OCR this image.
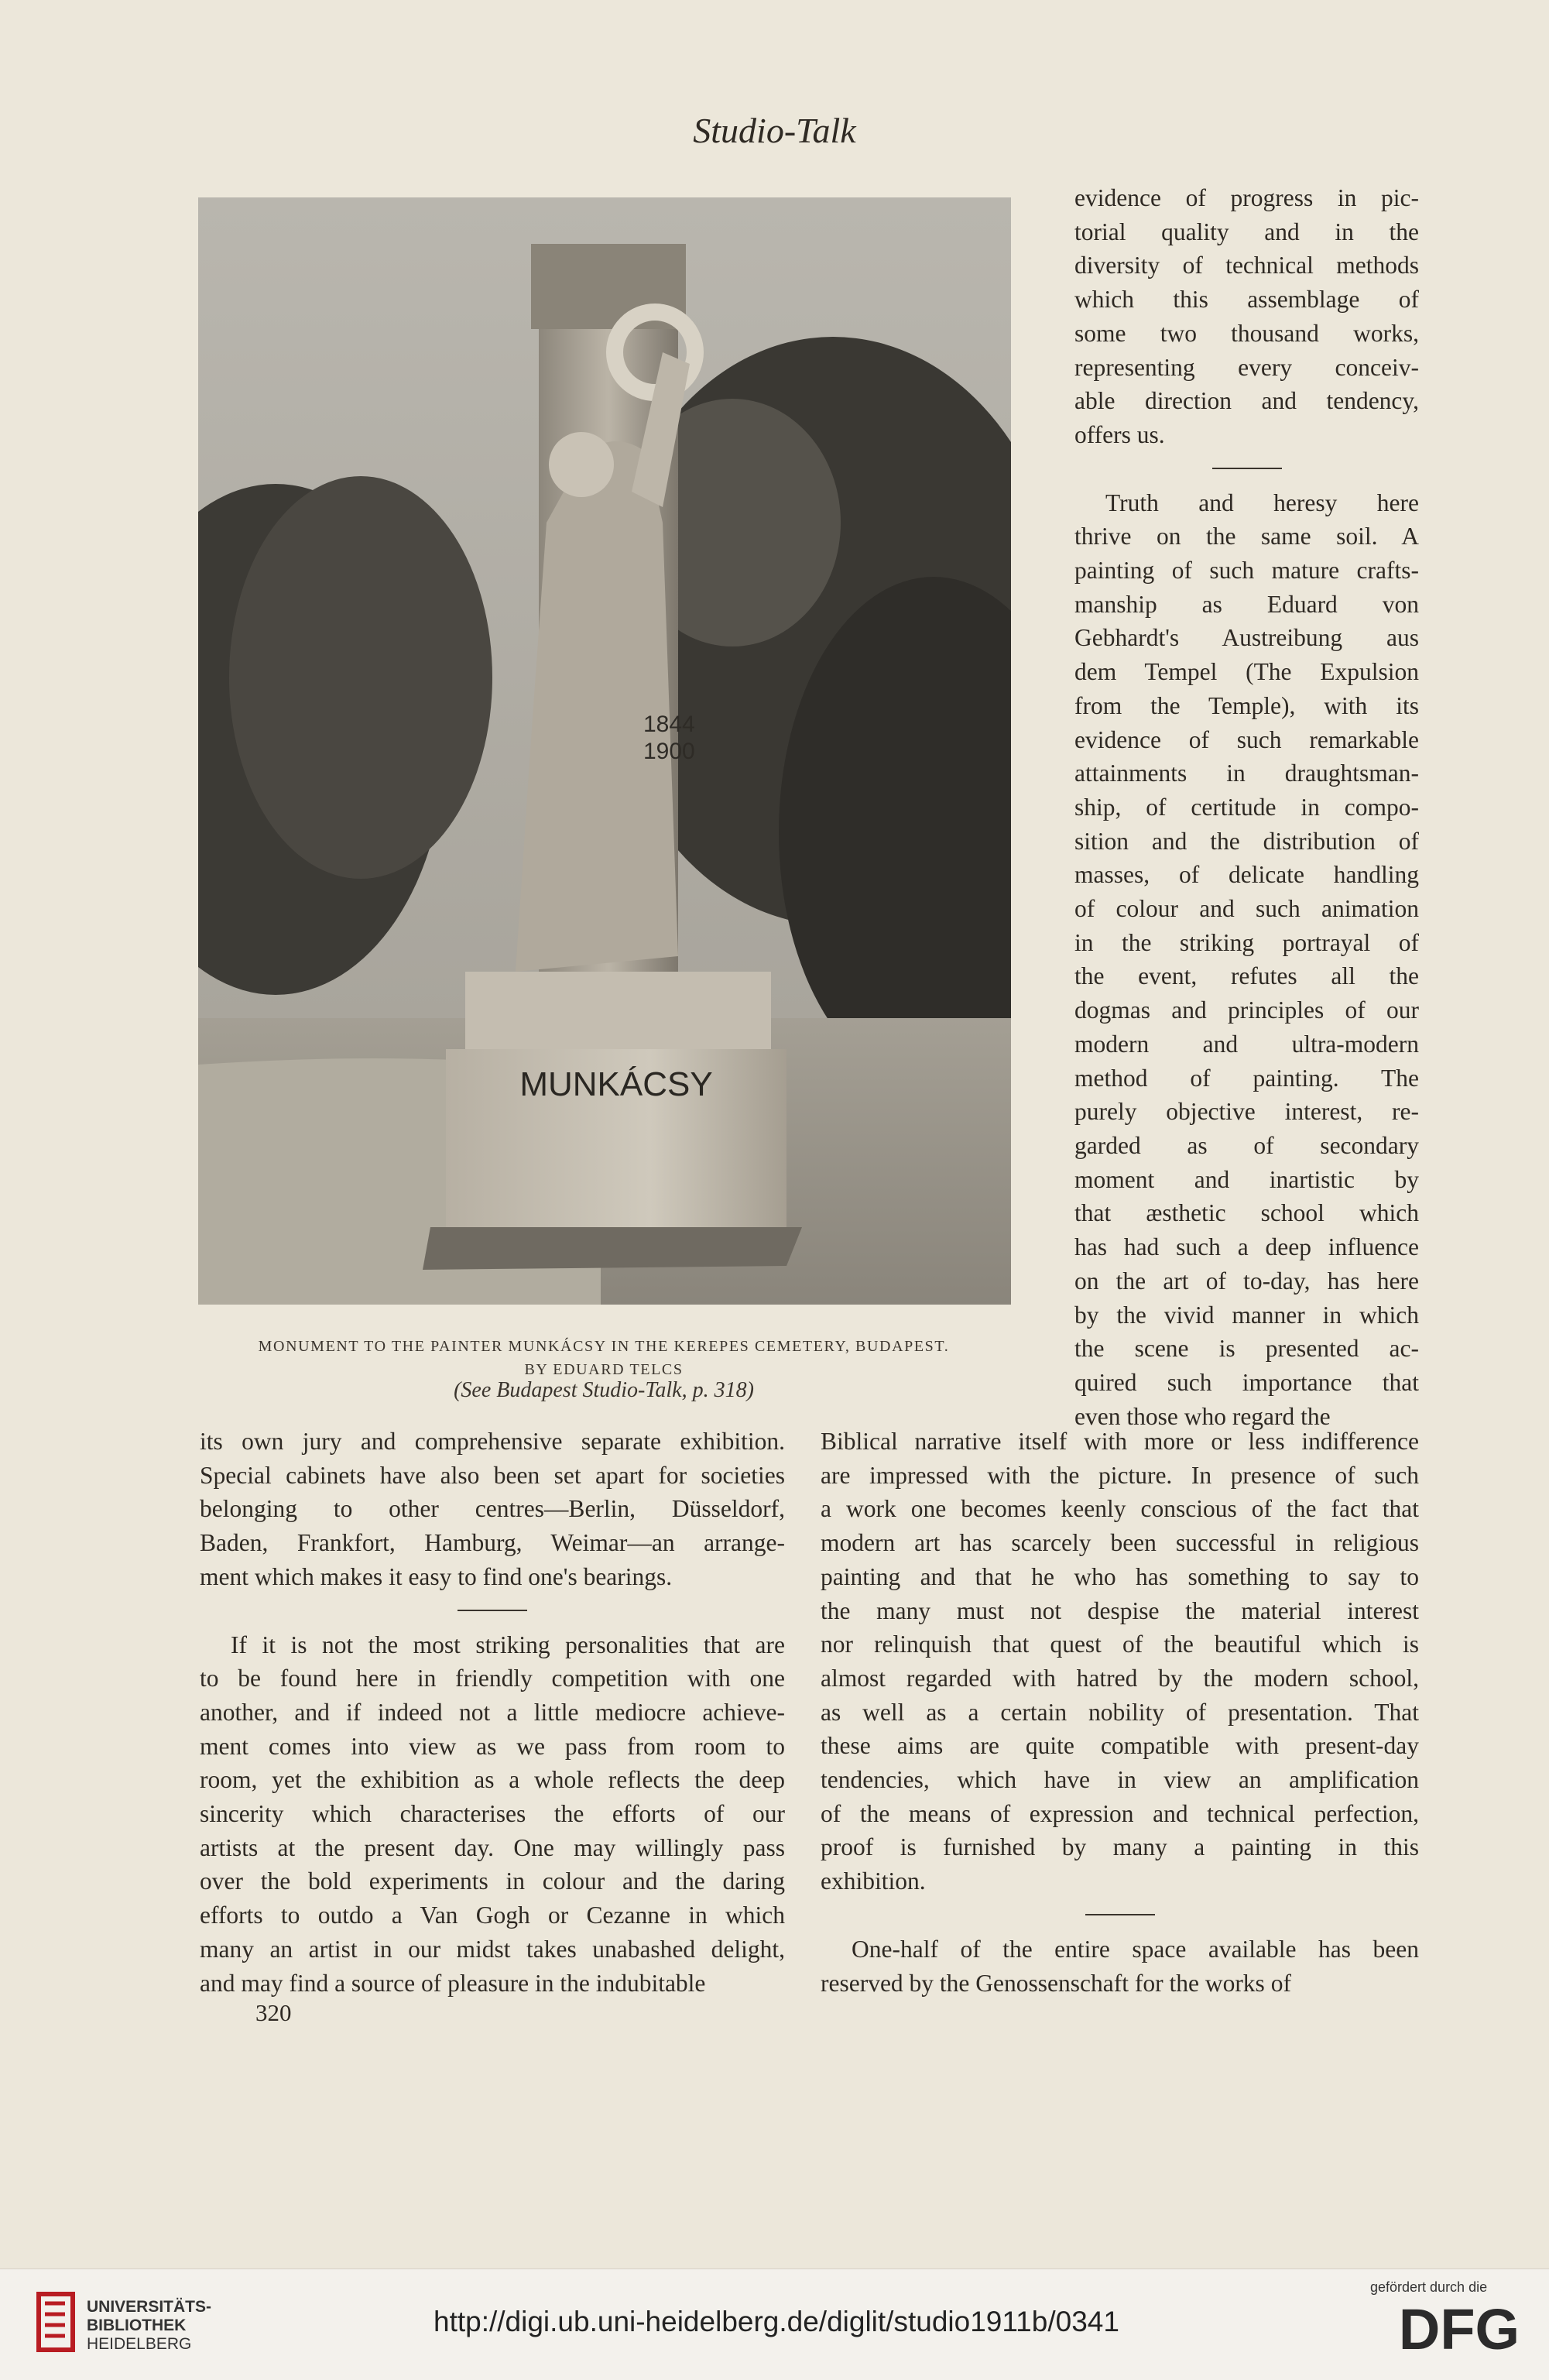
Studio-Talk
1844
1900
MUNKÁCSY
MONUMENT TO THE PAINTER MUNKÁCSY IN THE KEREPES CEMETERY, BUDAPEST.
BY EDUARD TELCS
(See Budapest Studio-Talk, p. 318)

evidence of progress in pic-

torial quality and in the

diversity of technical methods

which this assemblage of

some two thousand works,

representing every conceiv-

able direction and tendency,

offers us.

Truth and heresy here

thrive on the same soil. A

painting of such mature crafts-

manship as Eduard von

Gebhardt's Austreibung aus

dem Tempel (The Expulsion

from the Temple), with its

evidence of such remarkable

attainments in draughtsman-

ship, of certitude in compo-

sition and the distribution of

masses, of delicate handling

of colour and such animation

in the striking portrayal of

the event, refutes all the

dogmas and principles of our

modern and ultra-modern

method of painting. The

purely objective interest, re-

garded as of secondary

moment and inartistic by

that æsthetic school which

has had such a deep influence

on the art of to-day, has here

by the vivid manner in which

the scene is presented ac-

quired such importance that

even those who regard the

its own jury and comprehensive separate exhibition.

Special cabinets have also been set apart for societies

belonging to other centres—Berlin, Düsseldorf,

Baden, Frankfort, Hamburg, Weimar—an arrange-

ment which makes it easy to find one's bearings.

If it is not the most striking personalities that are

to be found here in friendly competition with one

another, and if indeed not a little mediocre achieve-

ment comes into view as we pass from room to

room, yet the exhibition as a whole reflects the deep

sincerity which characterises the efforts of our

artists at the present day. One may willingly pass

over the bold experiments in colour and the daring

efforts to outdo a Van Gogh or Cezanne in which

many an artist in our midst takes unabashed delight,

and may find a source of pleasure in the indubitable

Biblical narrative itself with more or less indifference

are impressed with the picture. In presence of such

a work one becomes keenly conscious of the fact that

modern art has scarcely been successful in religious

painting and that he who has something to say to

the many must not despise the material interest

nor relinquish that quest of the beautiful which is

almost regarded with hatred by the modern school,

as well as a certain nobility of presentation. That

these aims are quite compatible with present-day

tendencies, which have in view an amplification

of the means of expression and technical perfection,

proof is furnished by many a painting in this

exhibition.

One-half of the entire space available has been

reserved by the Genossenschaft for the works of

320
UNIVERSITÄTS-
BIBLIOTHEK
HEIDELBERG
http://digi.ub.uni-heidelberg.de/diglit/studio1911b/0341
gefördert durch die
DFG
